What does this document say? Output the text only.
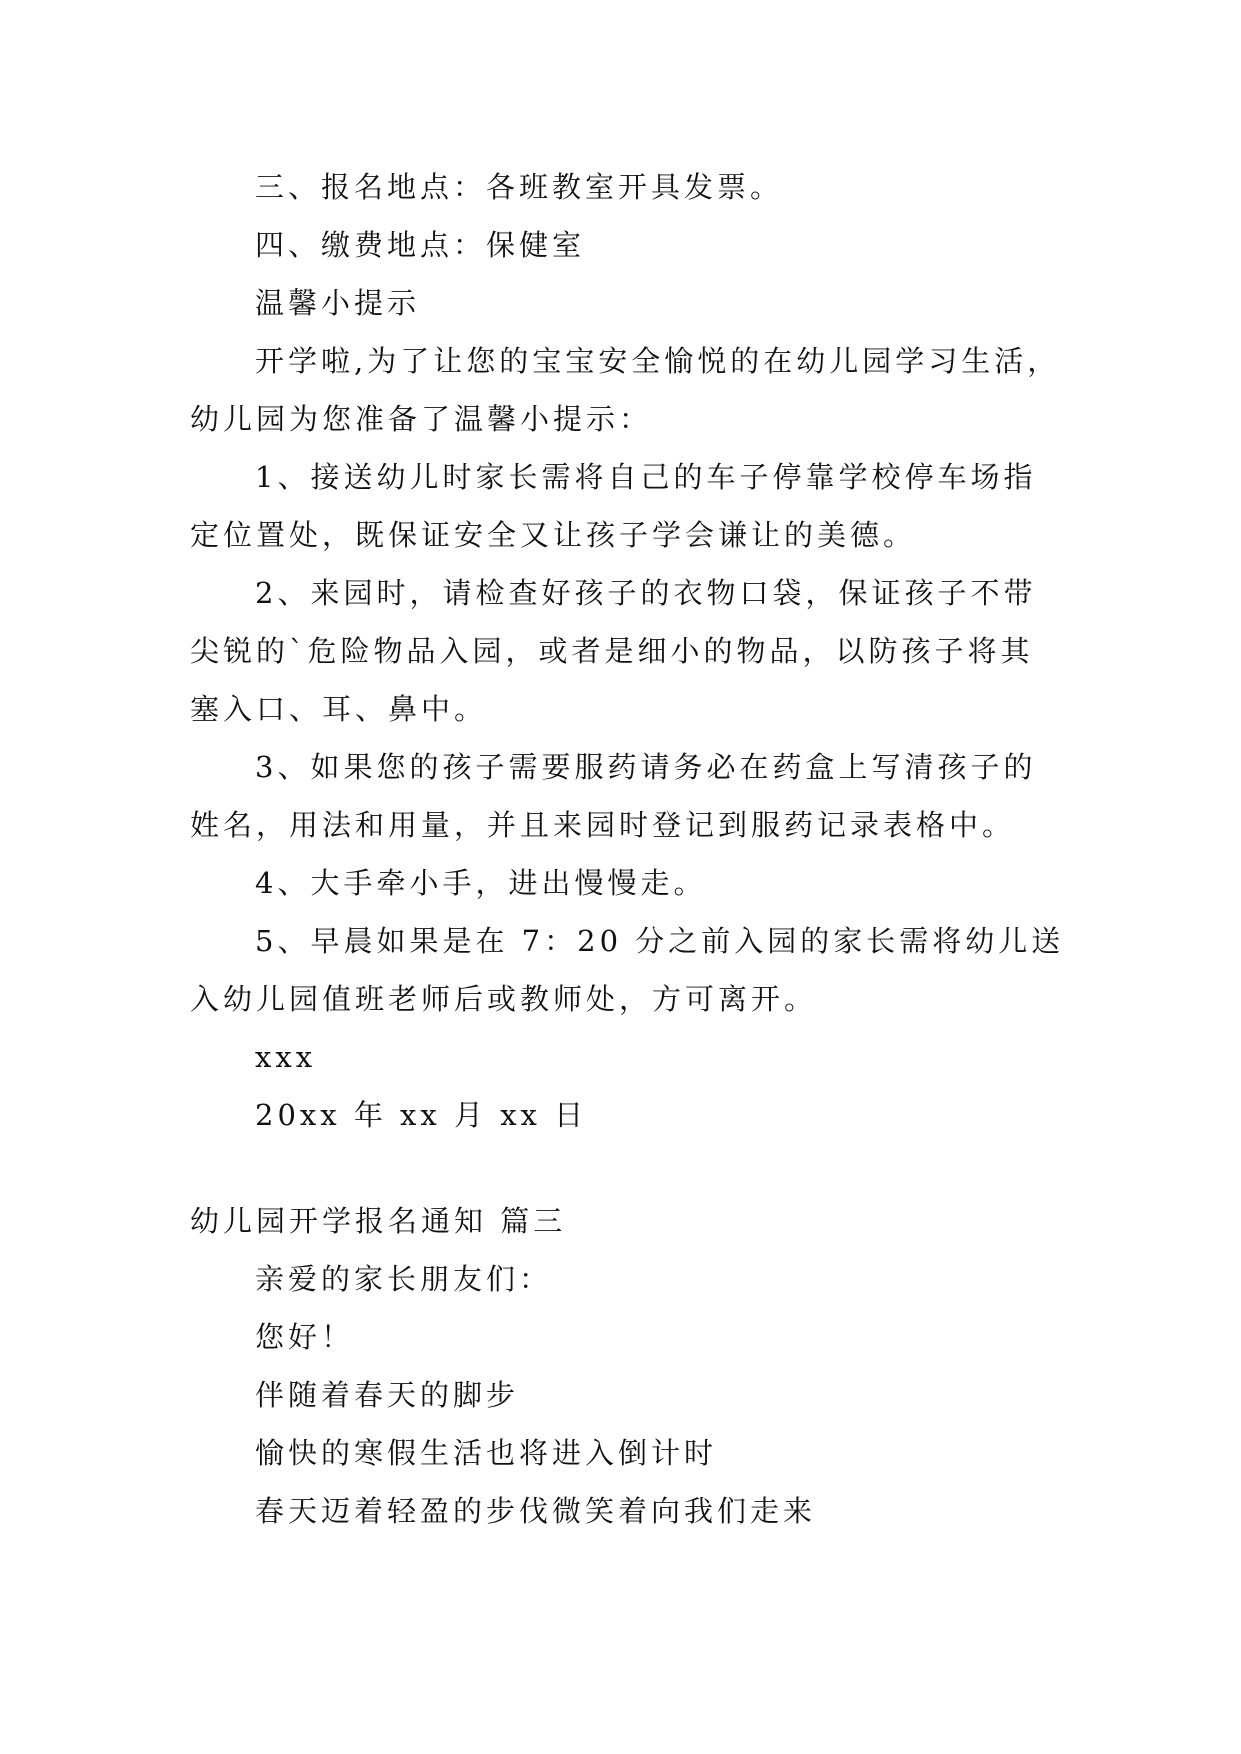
三、报名地点：各班教室开具发票。
四、缴费地点：保健室
温馨小提示
开学啦,为了让您的宝宝安全愉悦的在幼儿园学习生活，
幼儿园为您准备了温馨小提示：
1、接送幼儿时家长需将自己的车子停靠学校停车场指
定位置处，既保证安全又让孩子学会谦让的美德。
2、来园时，请检查好孩子的衣物口袋，保证孩子不带
尖锐的`危险物品入园，或者是细小的物品，以防孩子将其
塞入口、耳、鼻中。
3、如果您的孩子需要服药请务必在药盒上写清孩子的
姓名，用法和用量，并且来园时登记到服药记录表格中。
4、大手牵小手，进出慢慢走。
5、早晨如果是在 7：20 分之前入园的家长需将幼儿送
入幼儿园值班老师后或教师处，方可离开。
xxx
20xx 年 xx 月 xx 日
幼儿园开学报名通知 篇三
亲爱的家长朋友们：
您好！
伴随着春天的脚步
愉快的寒假生活也将进入倒计时
春天迈着轻盈的步伐微笑着向我们走来
